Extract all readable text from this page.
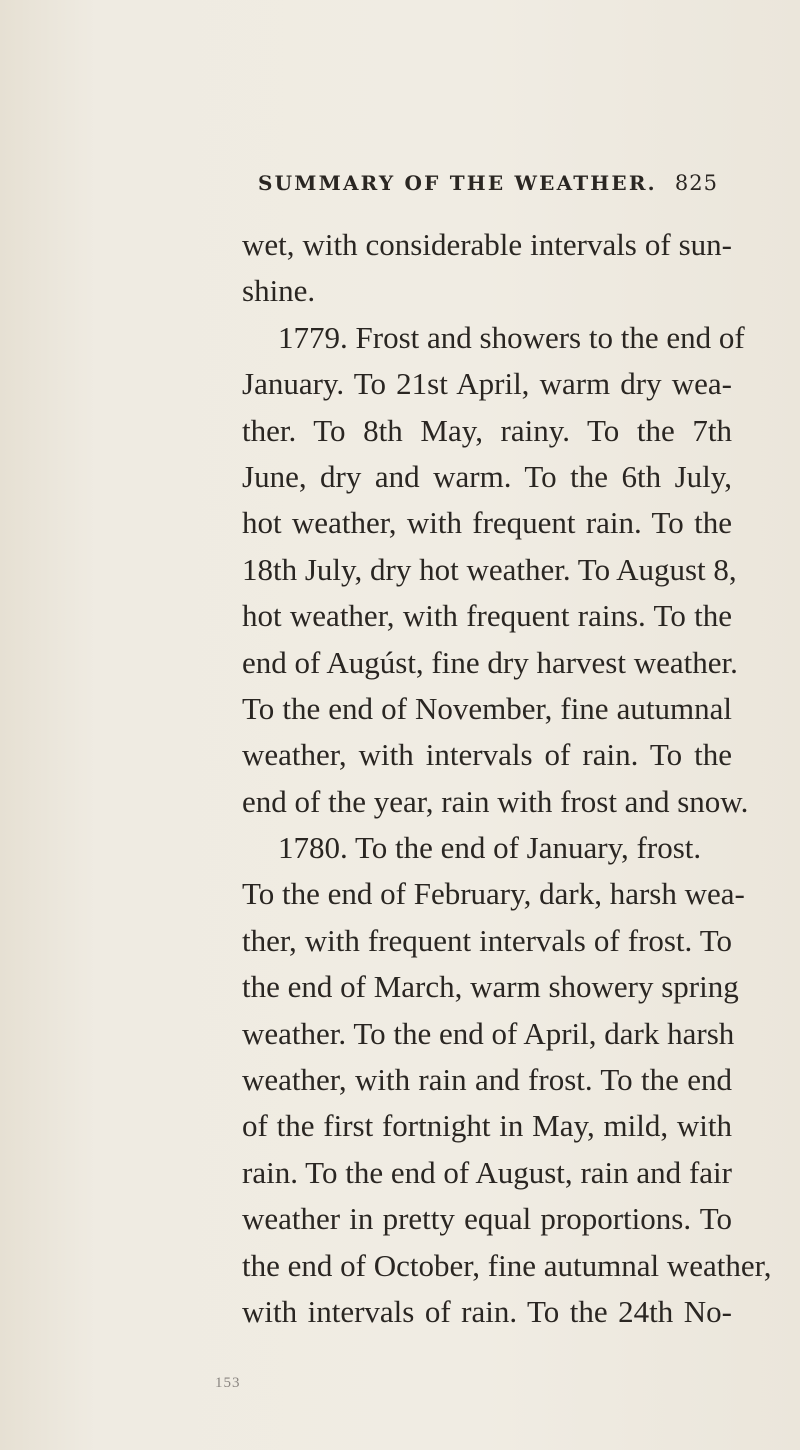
SUMMARY OF THE WEATHER. 825
wet, with considerable intervals of sun-
shine.
1779. Frost and showers to the end of
January. To 21st April, warm dry wea-
ther. To 8th May, rainy. To the 7th
June, dry and warm. To the 6th July,
hot weather, with frequent rain. To the
18th July, dry hot weather. To August 8,
hot weather, with frequent rains. To the
end of Augúst, fine dry harvest weather.
To the end of November, fine autumnal
weather, with intervals of rain. To the
end of the year, rain with frost and snow.
1780. To the end of January, frost.
To the end of February, dark, harsh wea-
ther, with frequent intervals of frost. To
the end of March, warm showery spring
weather. To the end of April, dark harsh
weather, with rain and frost. To the end
of the first fortnight in May, mild, with
rain. To the end of August, rain and fair
weather in pretty equal proportions. To
the end of October, fine autumnal weather,
with intervals of rain. To the 24th No-
153
